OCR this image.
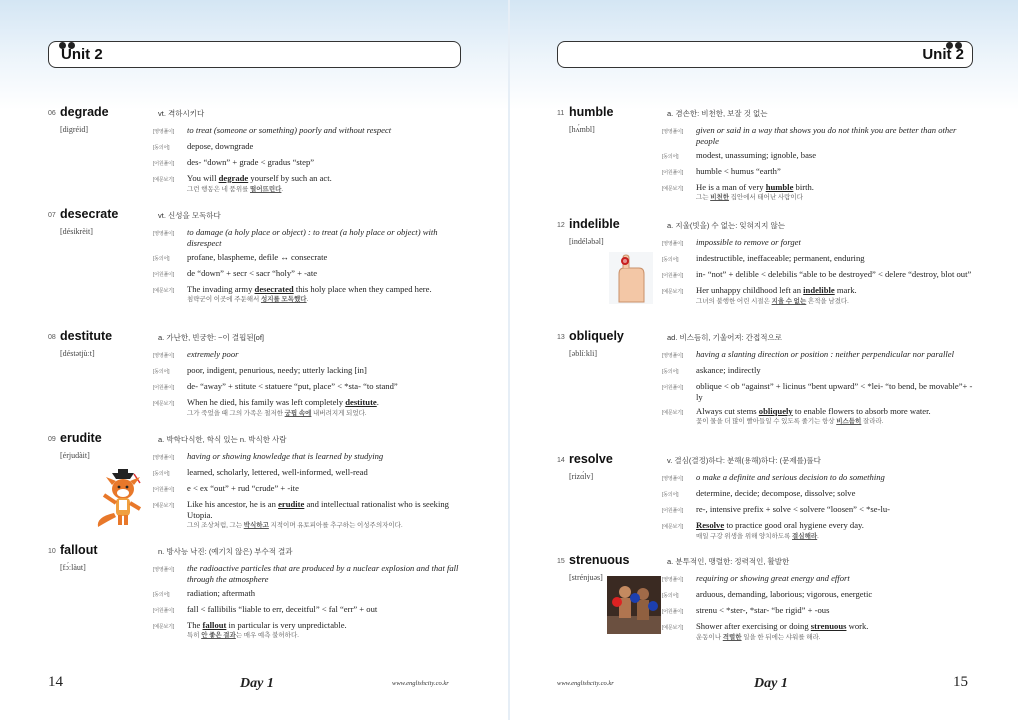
Unit 2
06 degrade	vt. 격하시키다
[digréid]	[영영풀이]	to treat (someone or something) poorly and without respect
[동의어]	depose, downgrade
[어원풀이]	des- “down” + grade < gradus “step”
[예문보기]	You will degrade yourself by such an act.
그런 행동은 네 품위를 떨어뜨린다.
07 desecrate	vt. 신성을 모독하다
[désikrèit]	[영영풀이]	to damage (a holy place or object) : to treat (a holy place or object) with disrespect
[동의어]	profane, blaspheme, defile ↔ consecrate
[어원풀이]	de “down” + secr < sacr “holy” + -ate
[예문보기]	The invading army desecrated this holy place when they camped here.
침략군이 이곳에 주둔해서 성지를 모독했다.
08 destitute	a. 가난한, 빈궁한: ~이 결핍된[of]
[déstətjùːt]	[영영풀이]	extremely poor
[동의어]	poor, indigent, penurious, needy; utterly lacking [in]
[어원풀이]	de- “away” + stitute < statuere “put, place” < *sta- “to stand”
[예문보기]	When he died, his family was left completely destitute.
그가 죽었을 때 그의 가족은 철저한 궁핍 속에 내버려지게 되었다.
09 erudite	a. 박학다식한, 학식 있는 n. 박식한 사람
[érjudàit]	[영영풀이]	having or showing knowledge that is learned by studying
[동의어]	learned, scholarly, lettered, well-informed, well-read
[어원풀이]	e < ex “out” + rud “crude” + -ite
[예문보기]	Like his ancestor, he is an erudite and intellectual rationalist who is seeking Utopia.
그의 조상처럼, 그는 박식하고 지적이며 유토피아를 추구하는 이성주의자이다.
10 fallout	n. 방사능 낙진: (예기치 않은) 부수적 결과
[fɔ́ːlàut]	[영영풀이]	the radioactive particles that are produced by a nuclear explosion and that fall through the atmosphere
[동의어]	radiation; aftermath
[어원풀이]	fall < fallibilis “liable to err, deceitful” < fal “err” + out
[예문보기]	The fallout in particular is very unpredictable.
특히 안 좋은 결과는 매우 예측 불허하다.
14	Day 1	www.englishcity.co.kr
Unit 2
11 humble	a. 겸손한: 비천한, 보잘 것 없는
[hʌ́mbl]	[영영풀이]	given or said in a way that shows you do not think you are better than other people
[동의어]	modest, unassuming; ignoble, base
[어원풀이]	humble < humus “earth”
[예문보기]	He is a man of very humble birth.
그는 비천한 집안에서 태어난 사람이다
12 indelible	a. 지울(빗을) 수 없는: 잊혀지지 않는
[indéləbəl]	[영영풀이]	impossible to remove or forget
[동의어]	indestructible, ineffaceable; permanent, enduring
[어원풀이]	in- “not” + delible < delebilis “able to be destroyed” < delere “destroy, blot out”
[예문보기]	Her unhappy childhood left an indelible mark.
그녀의 불행한 어린 시절은 지울 수 없는 흔적을 남겼다.
13 obliquely	ad. 비스듬히, 기울어져: 간접적으로
[əblíːkli]	[영영풀이]	having a slanting direction or position : neither perpendicular nor parallel
[동의어]	askance; indirectly
[어원풀이]	oblique < ob “against” + licinus “bent upward” < *lei- “to bend, be movable”+ -ly
[예문보기]	Always cut stems obliquely to enable flowers to absorb more water.
꽃이 물을 더 많이 빨아들일 수 있도록 줄기는 항상 비스듬히 잘라라.
14 resolve	v. 결심(결정)하다: 분해(용해)하다: (문제를)풀다
[rizɑ́lv]	[영영풀이]	o make a definite and serious decision to do something
[동의어]	determine, decide; decompose, dissolve; solve
[어원풀이]	re-, intensive prefix + solve < solvere “loosen” < *se-lu-
[예문보기]	Resolve to practice good oral hygiene every day.
매일 구강 위생을 위해 양치하도록 결심해라.
15 strenuous	a. 분투적인, 맹렬한: 정력적인, 활발한
[strénjuəs]	[영영풀이]	requiring or showing great energy and effort
[동의어]	arduous, demanding, laborious; vigorous, energetic
[어원풀이]	strenu < *ster-, *star- “be rigid” + -ous
[예문보기]	Shower after exercising or doing strenuous work.
운동이나 격렬한 일을 한 뒤에는 샤워를 해라.
www.englishcity.co.kr	Day 1	15
